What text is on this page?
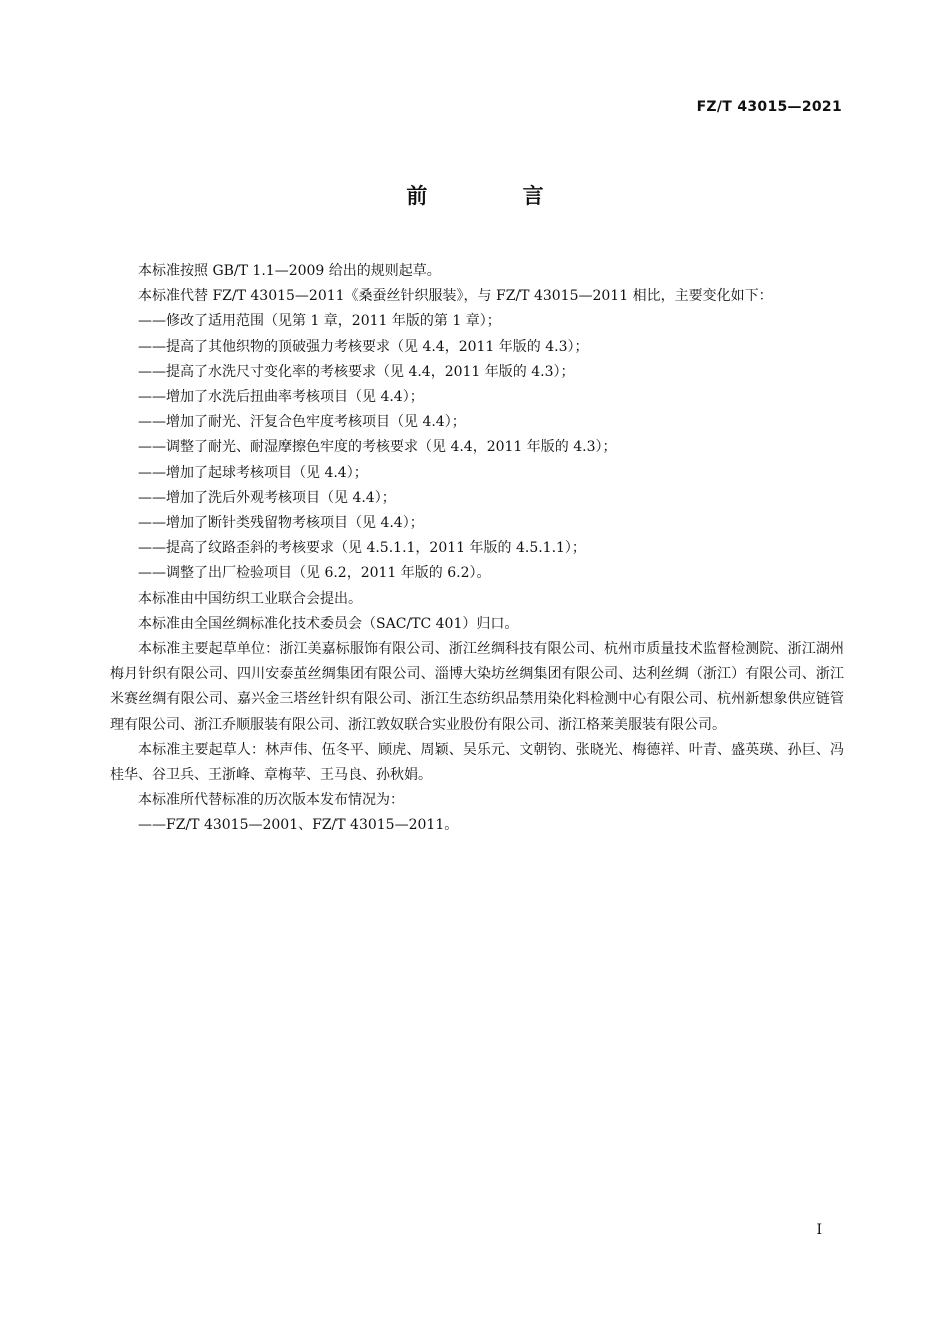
FZ/T 43015—2021
前 言

本标准按照 GB/T 1.1—2009 给出的规则起草。

本标准代替 FZ/T 43015—2011《桑蚕丝针织服装》，与 FZ/T 43015—2011 相比，主要变化如下：

——修改了适用范围（见第 1 章，2011 年版的第 1 章）；

——提高了其他织物的顶破强力考核要求（见 4.4，2011 年版的 4.3）；

——提高了水洗尺寸变化率的考核要求（见 4.4，2011 年版的 4.3）；

——增加了水洗后扭曲率考核项目（见 4.4）；

——增加了耐光、汗复合色牢度考核项目（见 4.4）；

——调整了耐光、耐湿摩擦色牢度的考核要求（见 4.4，2011 年版的 4.3）；

——增加了起球考核项目（见 4.4）；

——增加了洗后外观考核项目（见 4.4）；

——增加了断针类残留物考核项目（见 4.4）；

——提高了纹路歪斜的考核要求（见 4.5.1.1，2011 年版的 4.5.1.1）；

——调整了出厂检验项目（见 6.2，2011 年版的 6.2）。

本标准由中国纺织工业联合会提出。

本标准由全国丝绸标准化技术委员会（SAC/TC 401）归口。

本标准主要起草单位：浙江美嘉标服饰有限公司、浙江丝绸科技有限公司、杭州市质量技术监督检测院、浙江湖州梅月针织有限公司、四川安泰茧丝绸集团有限公司、淄博大染坊丝绸集团有限公司、达利丝绸（浙江）有限公司、浙江米赛丝绸有限公司、嘉兴金三塔丝针织有限公司、浙江生态纺织品禁用染化料检测中心有限公司、杭州新想象供应链管理有限公司、浙江乔顺服装有限公司、浙江敦奴联合实业股份有限公司、浙江格莱美服装有限公司。

本标准主要起草人：林声伟、伍冬平、顾虎、周颖、吴乐元、文朝钧、张晓光、梅德祥、叶青、盛英瑛、孙巨、冯桂华、谷卫兵、王浙峰、章梅苹、王马良、孙秋娟。

本标准所代替标准的历次版本发布情况为：

——FZ/T 43015—2001、FZ/T 43015—2011。

I
